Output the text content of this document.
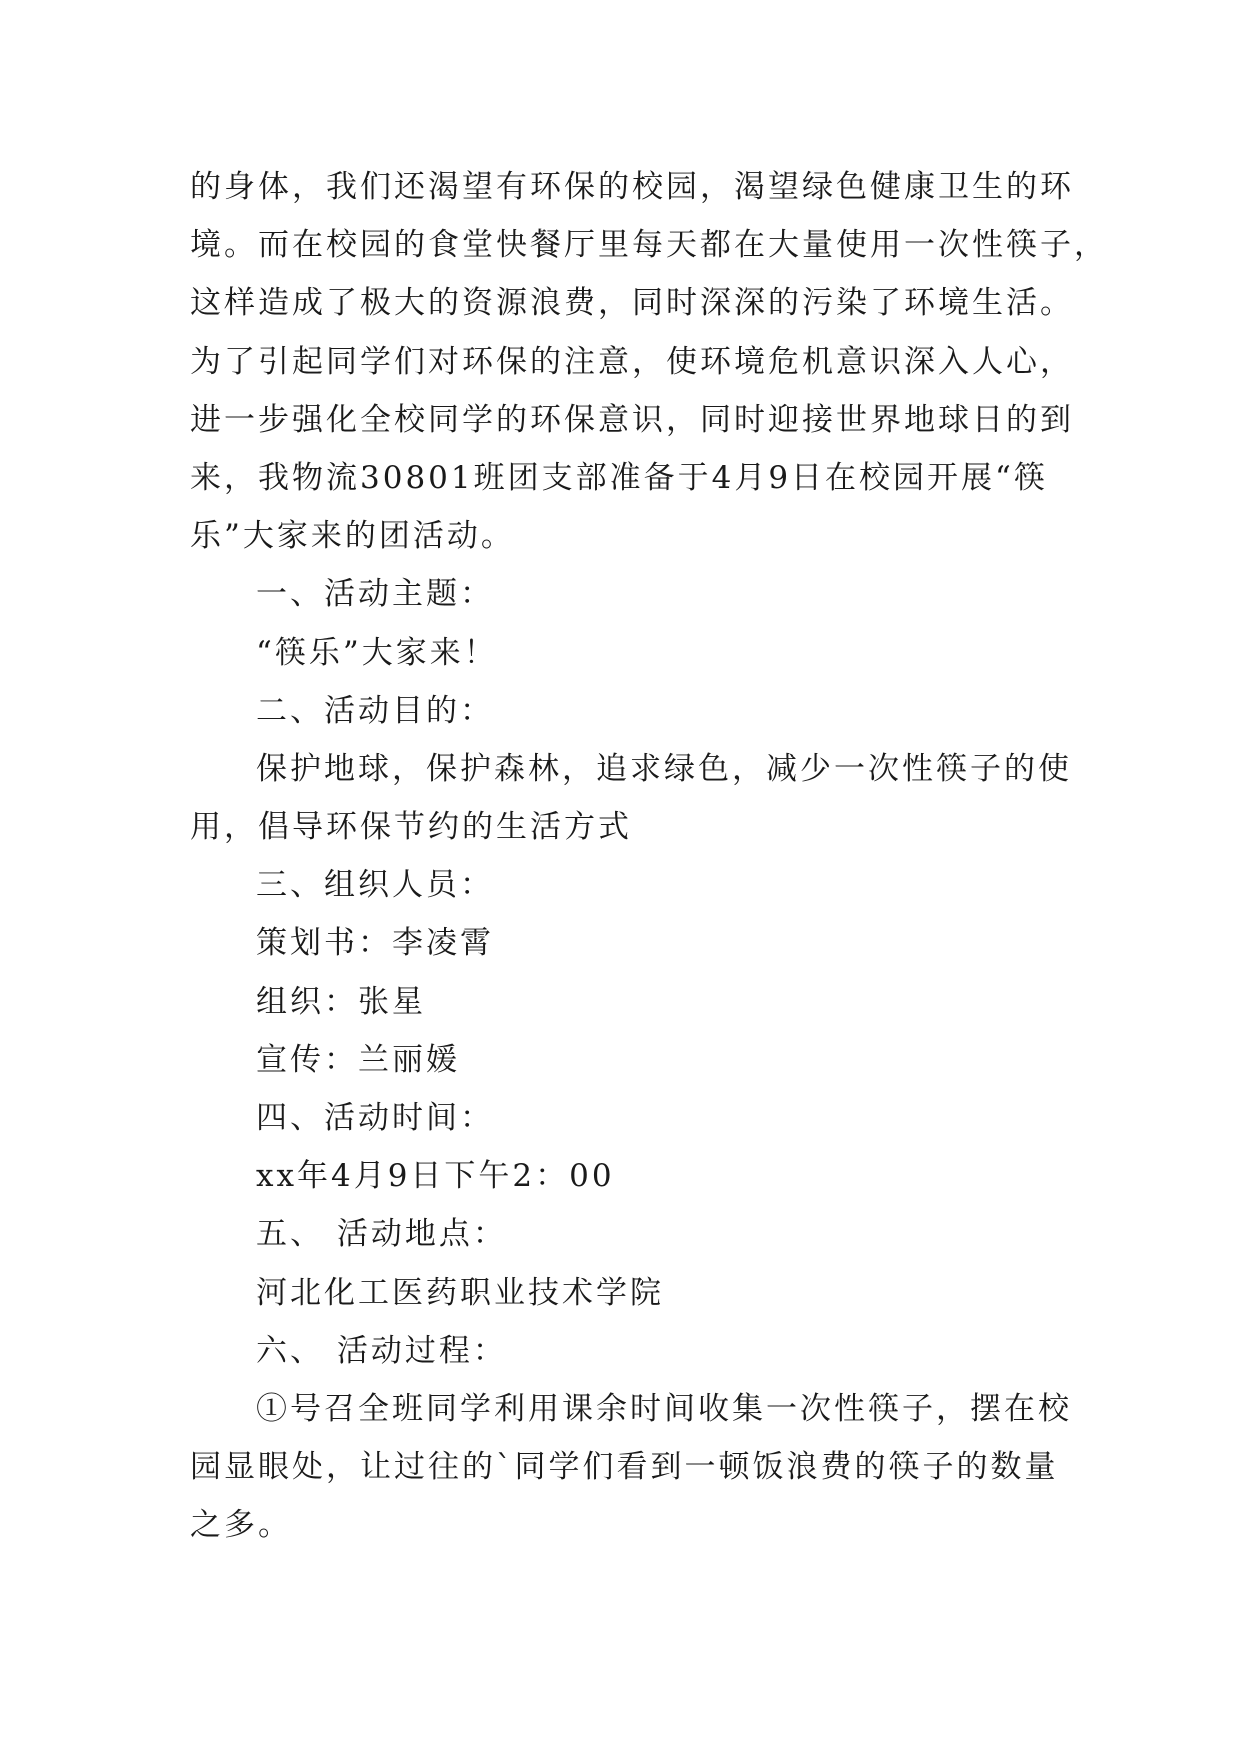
的身体，我们还渴望有环保的校园，渴望绿色健康卫生的环
境。而在校园的食堂快餐厅里每天都在大量使用一次性筷子，
这样造成了极大的资源浪费，同时深深的污染了环境生活。
为了引起同学们对环保的注意，使环境危机意识深入人心，
进一步强化全校同学的环保意识，同时迎接世界地球日的到
来，我物流30801班团支部准备于4月9日在校园开展“筷
乐”大家来的团活动。
一、活动主题：
“筷乐”大家来！
二、活动目的：
保护地球，保护森林，追求绿色，减少一次性筷子的使
用，倡导环保节约的生活方式
三、组织人员：
策划书：李凌霄
组织：张星
宣传：兰丽媛
四、活动时间：
xx年4月9日下午2：00
五、 活动地点：
河北化工医药职业技术学院
六、 活动过程：
①号召全班同学利用课余时间收集一次性筷子，摆在校
园显眼处，让过往的`同学们看到一顿饭浪费的筷子的数量
之多。
